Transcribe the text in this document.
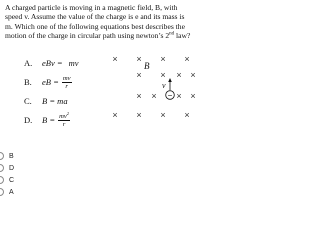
A charged particle is moving in a magnetic field, B, with
speed v. Assume the value of the charge is e and its mass is
m. Which one of the following equations best describes the
motion of the charge in circular path using newton’s 2nd law?
A.	eBv = mv
B.	eB = $\frac{mv}{r}$
C.	B = ma
D.	$B = \frac{mv^2}{r}$
× × × ×
× × × ×
× × × ×
× × × ×
B
v
−
B
D
C
A
